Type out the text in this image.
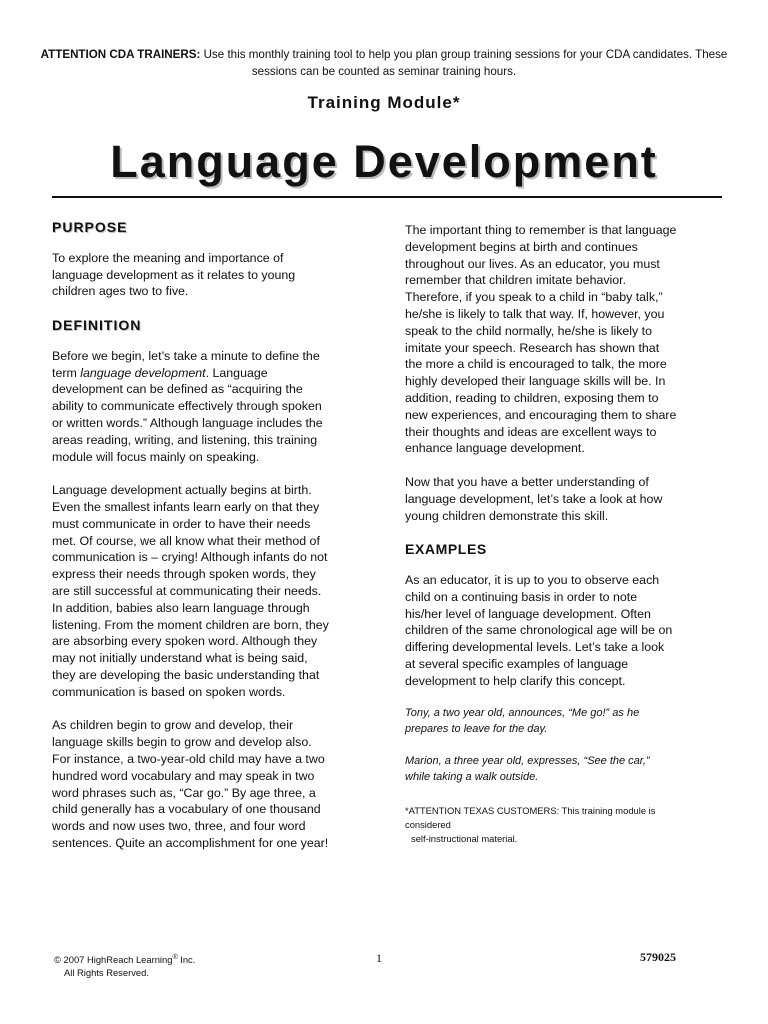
ATTENTION CDA TRAINERS: Use this monthly training tool to help you plan group training sessions for your CDA candidates. These sessions can be counted as seminar training hours.
Training Module*
Language Development
PURPOSE

To explore the meaning and importance of language development as it relates to young children ages two to five.

DEFINITION

Before we begin, let’s take a minute to define the term language development. Language development can be defined as “acquiring the ability to communicate effectively through spoken or written words.” Although language includes the areas reading, writing, and listening, this training module will focus mainly on speaking.

Language development actually begins at birth. Even the smallest infants learn early on that they must communicate in order to have their needs met. Of course, we all know what their method of communication is – crying! Although infants do not express their needs through spoken words, they are still successful at communicating their needs. In addition, babies also learn language through listening. From the moment children are born, they are absorbing every spoken word. Although they may not initially understand what is being said, they are developing the basic understanding that communication is based on spoken words.

As children begin to grow and develop, their language skills begin to grow and develop also. For instance, a two-year-old child may have a two hundred word vocabulary and may speak in two word phrases such as, “Car go.” By age three, a child generally has a vocabulary of one thousand words and now uses two, three, and four word sentences. Quite an accomplishment for one year!

The important thing to remember is that language development begins at birth and continues throughout our lives. As an educator, you must remember that children imitate behavior. Therefore, if you speak to a child in “baby talk,” he/she is likely to talk that way. If, however, you speak to the child normally, he/she is likely to imitate your speech. Research has shown that the more a child is encouraged to talk, the more highly developed their language skills will be. In addition, reading to children, exposing them to new experiences, and encouraging them to share their thoughts and ideas are excellent ways to enhance language development.

Now that you have a better understanding of language development, let’s take a look at how young children demonstrate this skill.

EXAMPLES

As an educator, it is up to you to observe each child on a continuing basis in order to note his/her level of language development. Often children of the same chronological age will be on differing developmental levels. Let’s take a look at several specific examples of language development to help clarify this concept.

Tony, a two year old, announces, “Me go!” as he prepares to leave for the day.

Marion, a three year old, expresses, “See the car,” while taking a walk outside.

*ATTENTION TEXAS CUSTOMERS: This training module is considered
self-instructional material.
© 2007 HighReach Learning® Inc.
All Rights Reserved.
1	579025
